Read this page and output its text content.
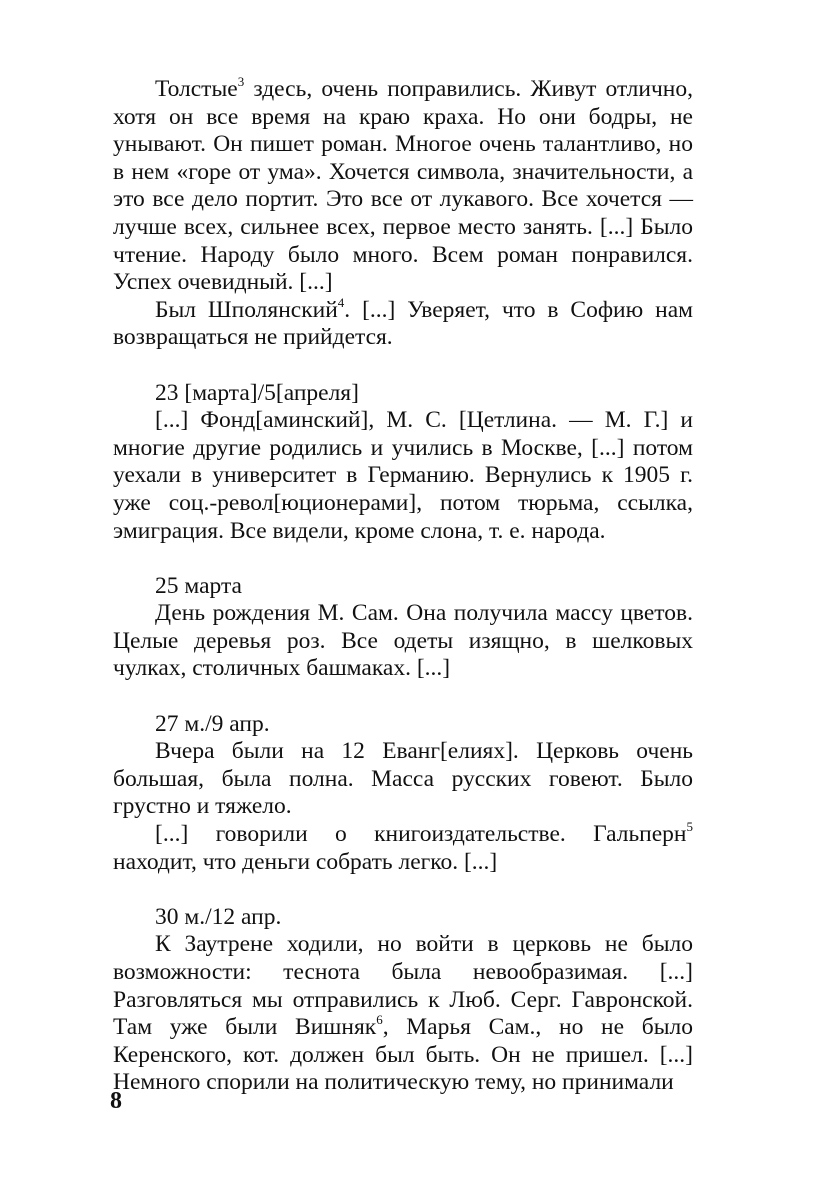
Толстые$^3$ здесь, очень поправились. Живут отлично, хотя он все время на краю краха. Но они бодры, не унывают. Он пишет роман. Многое очень талантливо, но в нем «горе от ума». Хочется символа, значительности, а это все дело портит. Это все от лукавого. Все хочется — лучше всех, сильнее всех, первое место занять. [...] Было чтение. Народу было много. Всем роман понравился. Успех очевидный. [...]

Был Шполянский$^4$. [...] Уверяет, что в Софию нам возвращаться не прийдется.

23 [марта]/5[апреля]

[...] Фонд[аминский], М. С. [Цетлина. — М. Г.] и многие другие родились и учились в Москве, [...] потом уехали в университет в Германию. Вернулись к 1905 г. уже соц.-револ[юционерами], потом тюрьма, ссылка, эмиграция. Все видели, кроме слона, т. е. народа.

25 марта

День рождения М. Сам. Она получила массу цветов. Целые деревья роз. Все одеты изящно, в шелковых чулках, столичных башмаках. [...]

27 м./9 апр.

Вчера были на 12 Еванг[елиях]. Церковь очень большая, была полна. Масса русских говеют. Было грустно и тяжело.

[...] говорили о книгоиздательстве. Гальперн$^5$ находит, что деньги собрать легко. [...]

30 м./12 апр.

К Заутрене ходили, но войти в церковь не было возможности: теснота была невообразимая. [...] Разговляться мы отправились к Люб. Серг. Гавронской. Там уже были Вишняк$^6$, Марья Сам., но не было Керенского, кот. должен был быть. Он не пришел. [...] Немного спорили на политическую тему, но принимали

8
